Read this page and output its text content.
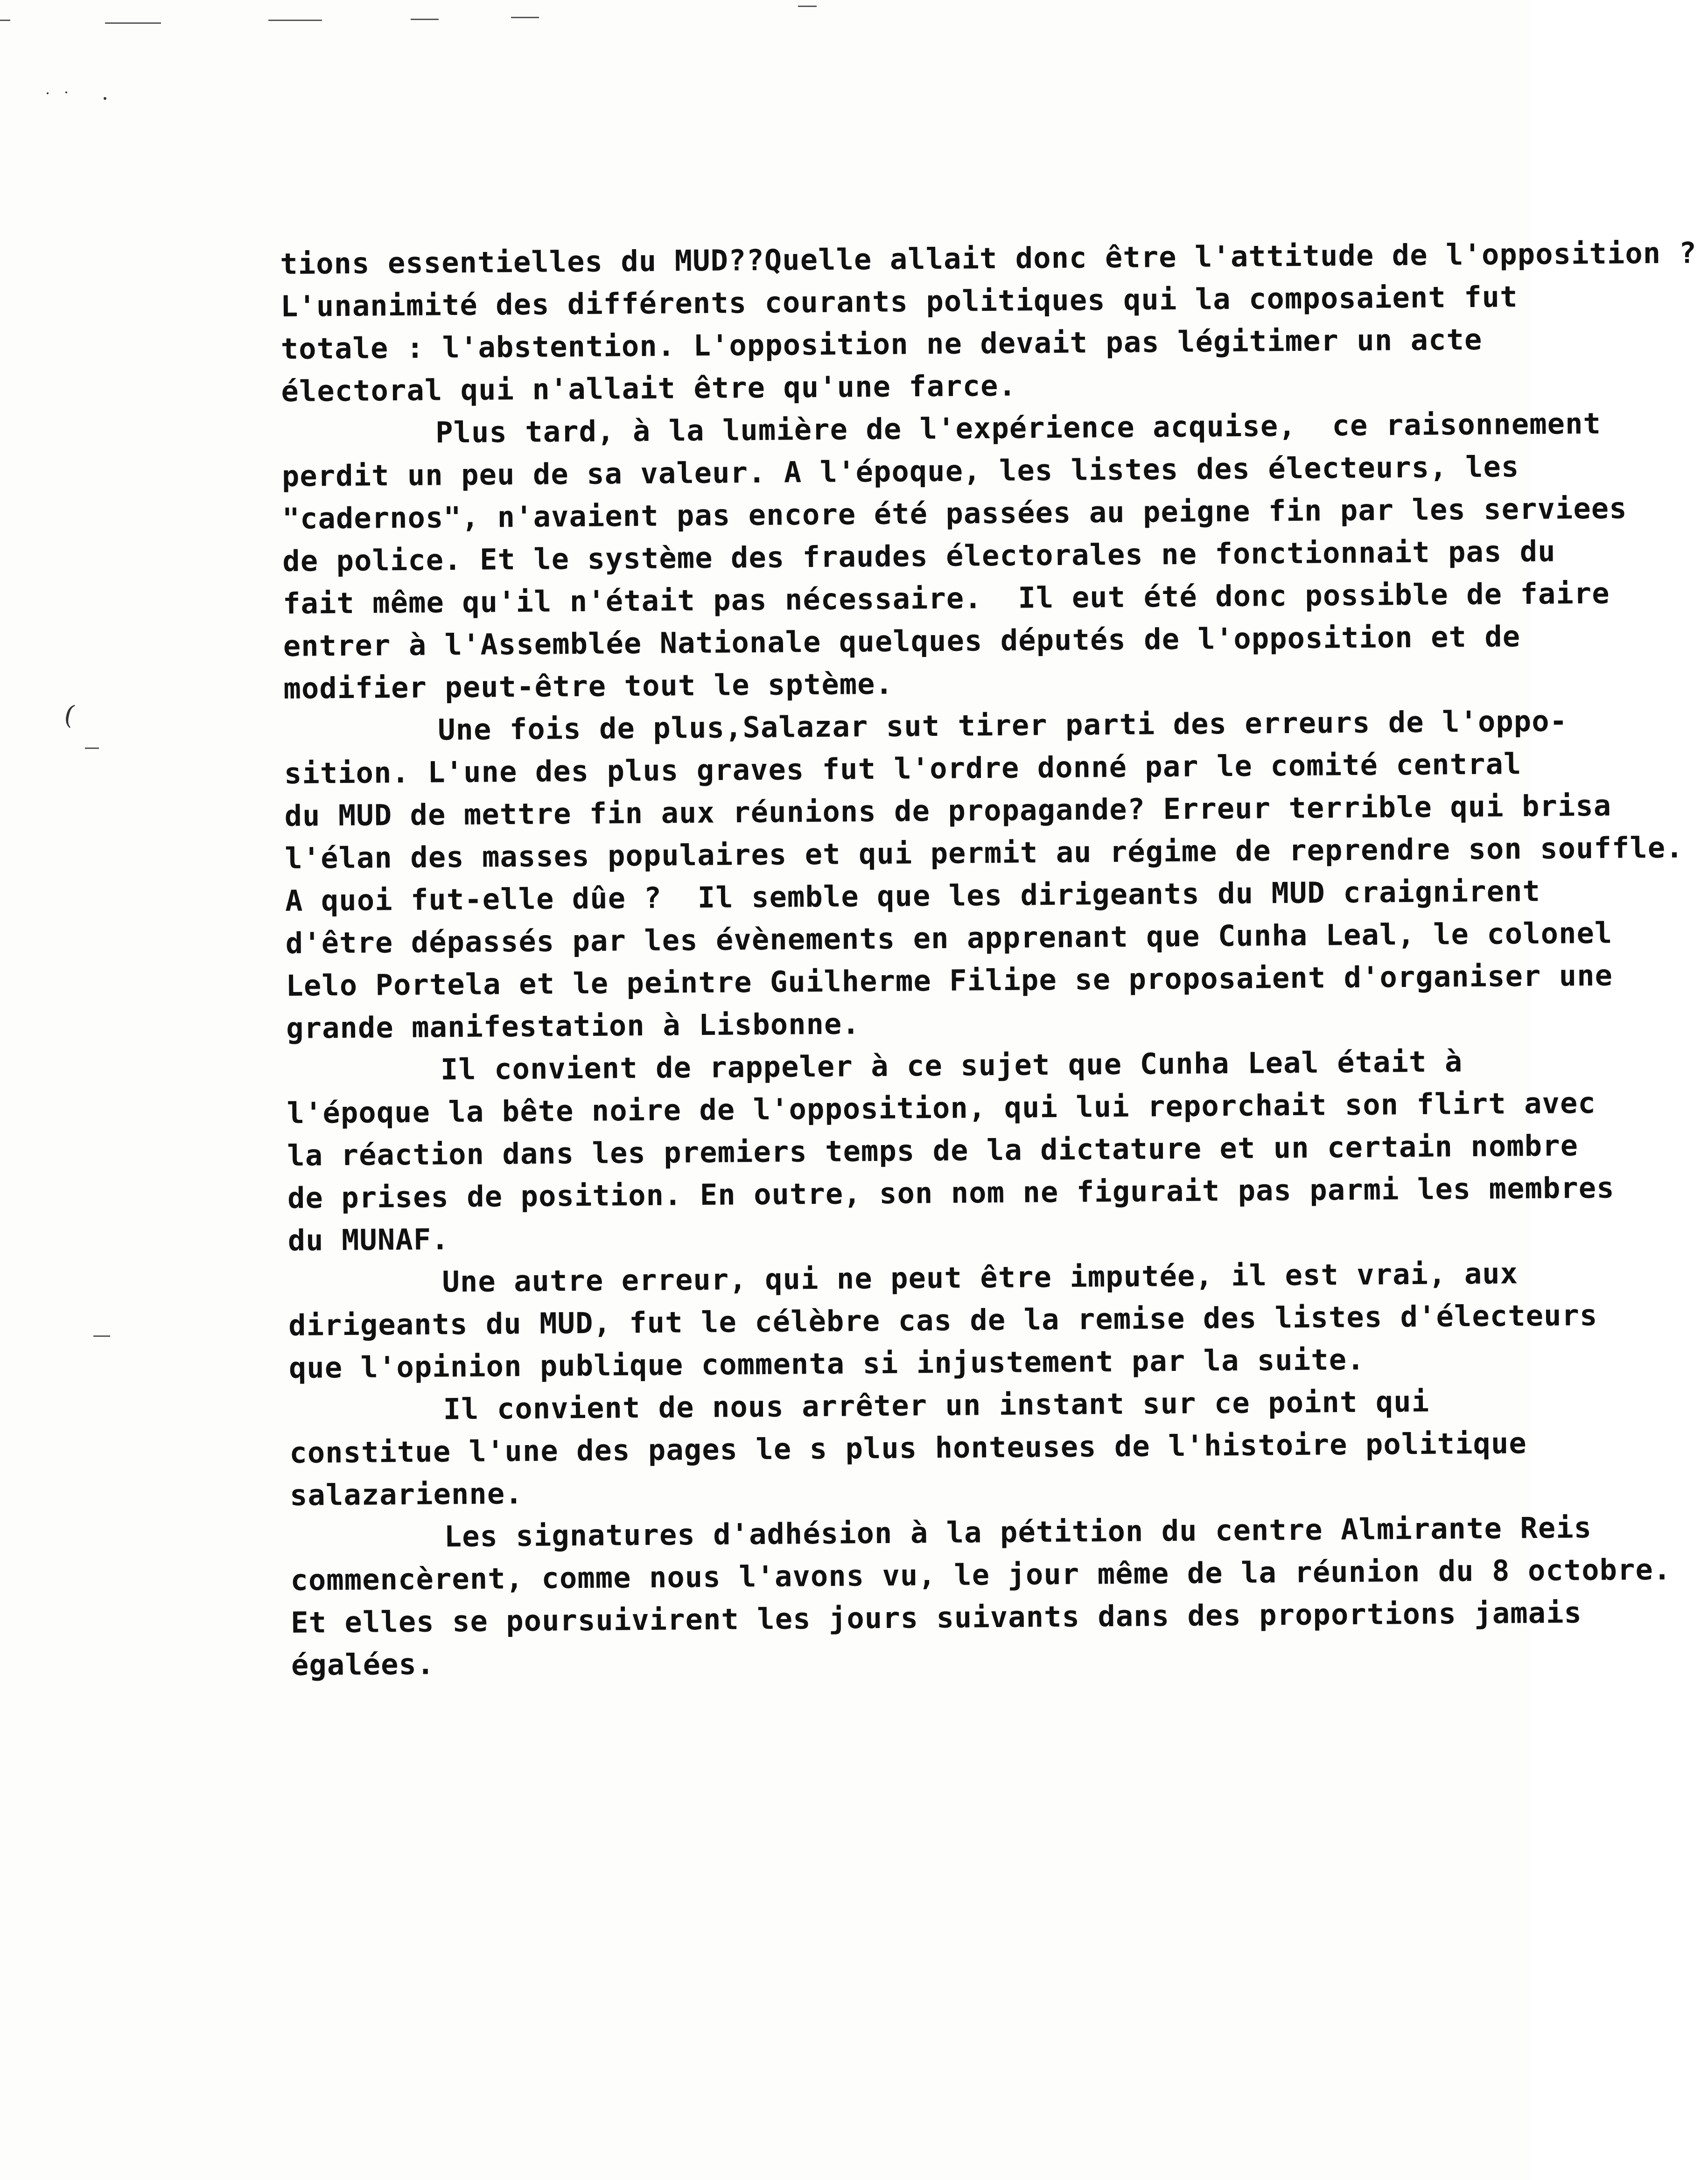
(

tions essentielles du MUD??Quelle allait donc être l'attitude de l'opposition ?

L'unanimité des différents courants politiques qui la composaient fut

totale : l'abstention. L'opposition ne devait pas légitimer un acte

électoral qui n'allait être qu'une farce.

Plus tard, à la lumière de l'expérience acquise,  ce raisonnement

perdit un peu de sa valeur. A l'époque, les listes des électeurs, les

"cadernos", n'avaient pas encore été passées au peigne fin par les serviees

de police. Et le système des fraudes électorales ne fonctionnait pas du

fait même qu'il n'était pas nécessaire.  Il eut été donc possible de faire

entrer à l'Assemblée Nationale quelques députés de l'opposition et de

modifier peut-être tout le sptème.

Une fois de plus,Salazar sut tirer parti des erreurs de l'oppo-

sition. L'une des plus graves fut l'ordre donné par le comité central

du MUD de mettre fin aux réunions de propagande? Erreur terrible qui brisa

l'élan des masses populaires et qui permit au régime de reprendre son souffle.

A quoi fut-elle dûe ?  Il semble que les dirigeants du MUD craignirent

d'être dépassés par les évènements en apprenant que Cunha Leal, le colonel

Lelo Portela et le peintre Guilherme Filipe se proposaient d'organiser une

grande manifestation à Lisbonne.

Il convient de rappeler à ce sujet que Cunha Leal était à

l'époque la bête noire de l'opposition, qui lui reporchait son flirt avec

la réaction dans les premiers temps de la dictature et un certain nombre

de prises de position. En outre, son nom ne figurait pas parmi les membres

du MUNAF.

Une autre erreur, qui ne peut être imputée, il est vrai, aux

dirigeants du MUD, fut le célèbre cas de la remise des listes d'électeurs

que l'opinion publique commenta si injustement par la suite.

Il convient de nous arrêter un instant sur ce point qui

constitue l'une des pages le s plus honteuses de l'histoire politique

salazarienne.

Les signatures d'adhésion à la pétition du centre Almirante Reis

commencèrent, comme nous l'avons vu, le jour même de la réunion du 8 octobre.

Et elles se poursuivirent les jours suivants dans des proportions jamais

égalées.
